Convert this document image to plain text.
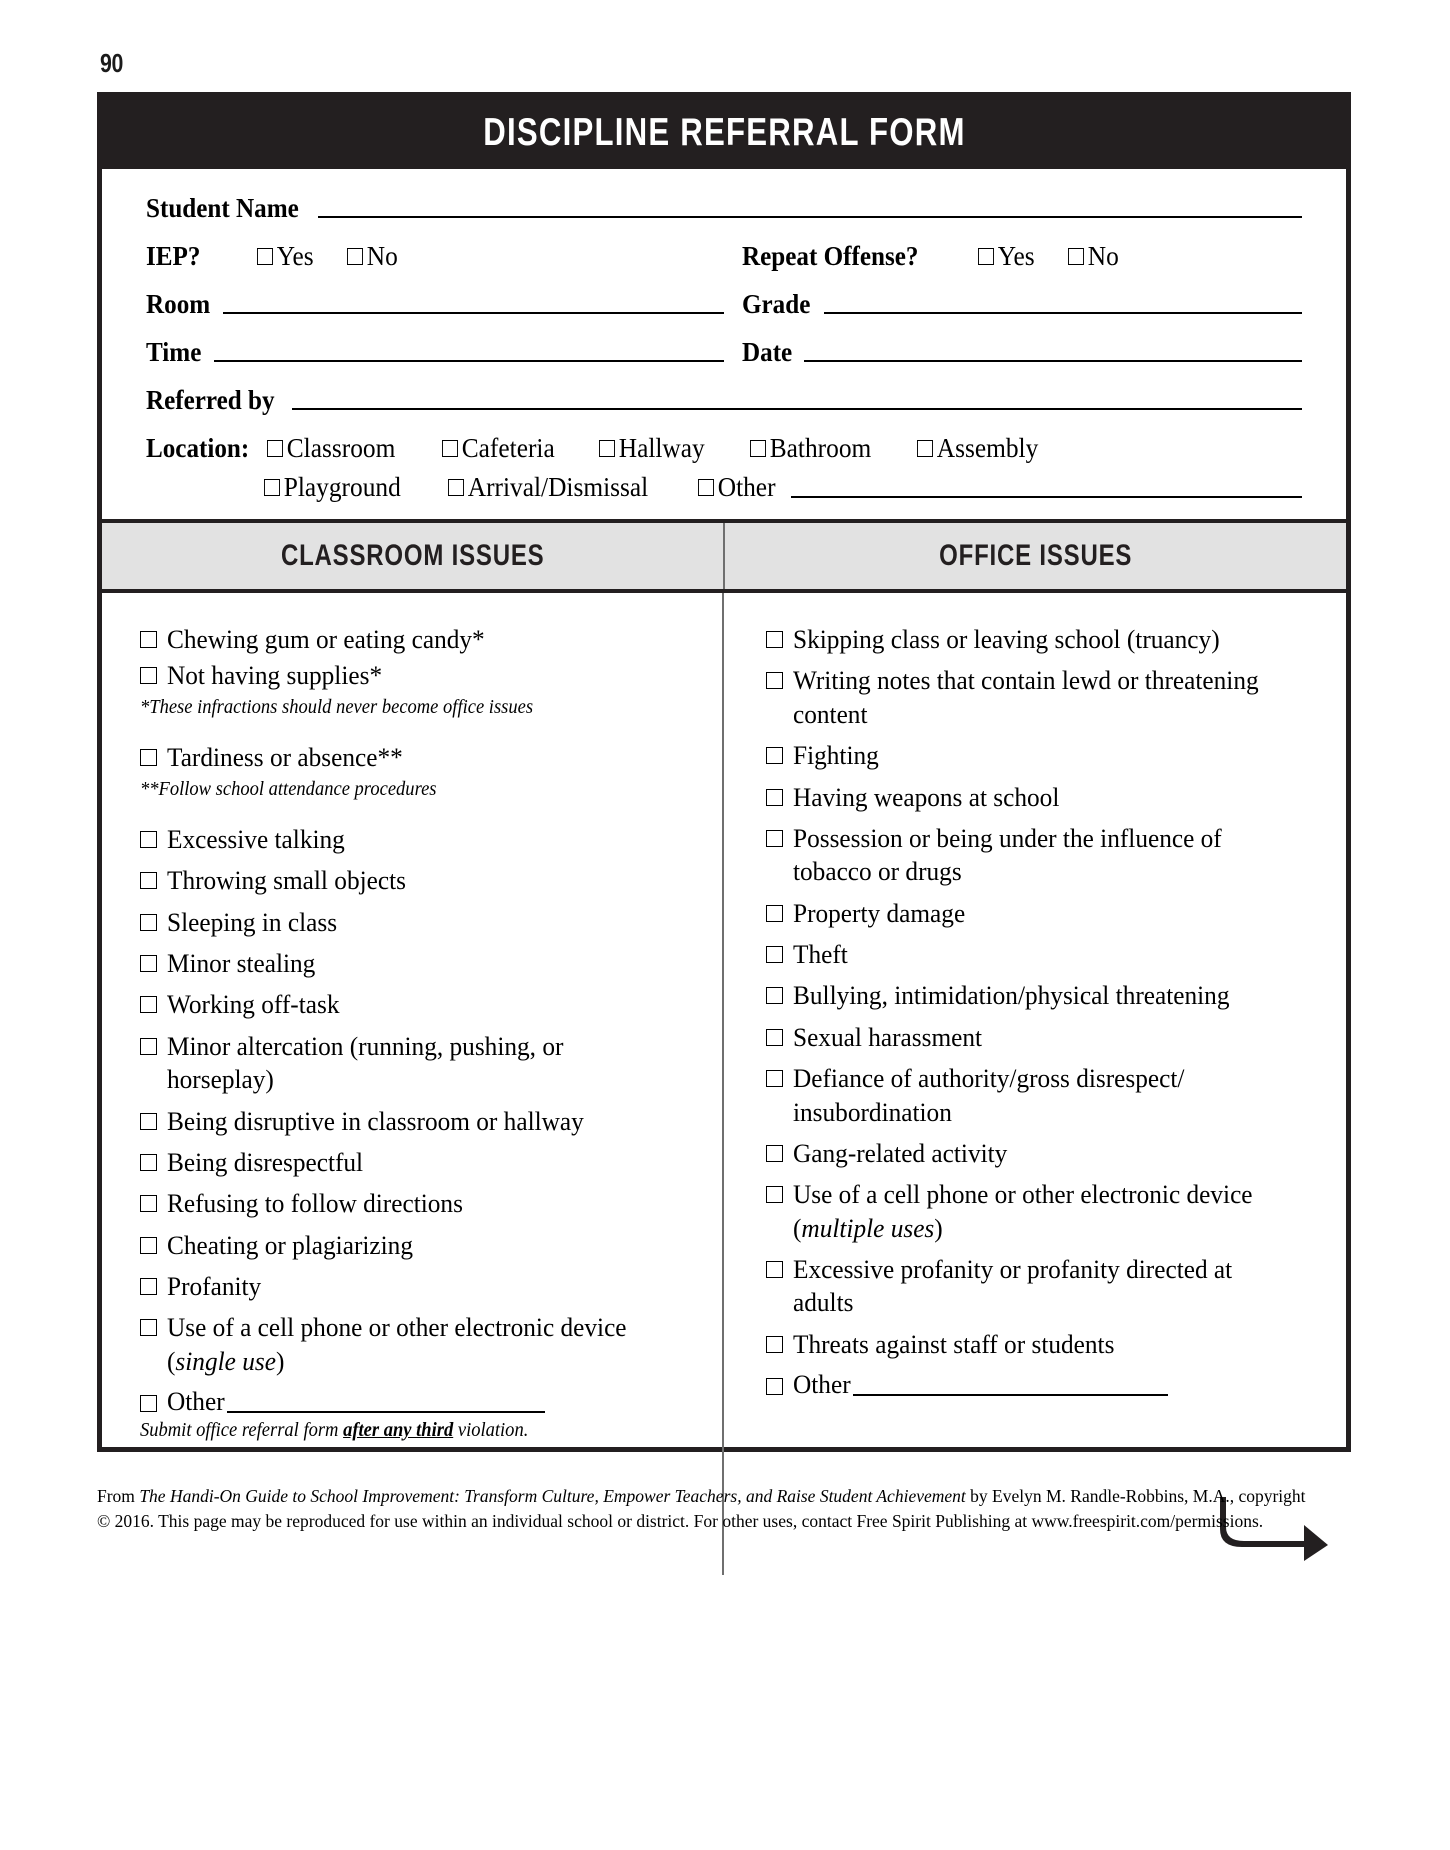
90
DISCIPLINE REFERRAL FORM
Student Name
IEP?	Yes No	Repeat Offense?	Yes No
Room	Grade
Time	Date
Referred by
Location: Classroom Cafeteria Hallway Bathroom Assembly
Playground Arrival/Dismissal	Other
CLASSROOM ISSUES	OFFICE ISSUES
Chewing gum or eating candy*
Not having supplies*
*These infractions should never become office issues
Tardiness or absence**
**Follow school attendance procedures
Excessive talking
Throwing small objects
Sleeping in class
Minor stealing
Working off-task
Minor altercation (running, pushing, or horseplay)
Being disruptive in classroom or hallway
Being disrespectful
Refusing to follow directions
Cheating or plagiarizing
Profanity
Use of a cell phone or other electronic device (single use)
Other
Submit office referral form after any third violation.
Skipping class or leaving school (truancy)
Writing notes that contain lewd or threatening content
Fighting
Having weapons at school
Possession or being under the influence of tobacco or drugs
Property damage
Theft
Bullying, intimidation/physical threatening
Sexual harassment
Defiance of authority/gross disrespect/ insubordination
Gang-related activity
Use of a cell phone or other electronic device (multiple uses)
Excessive profanity or profanity directed at adults
Threats against staff or students
Other
From The Handi-On Guide to School Improvement: Transform Culture, Empower Teachers, and Raise Student Achievement by Evelyn M. Randle-Robbins, M.A., copyright
© 2016. This page may be reproduced for use within an individual school or district. For other uses, contact Free Spirit Publishing at www.freespirit.com/permissions.
